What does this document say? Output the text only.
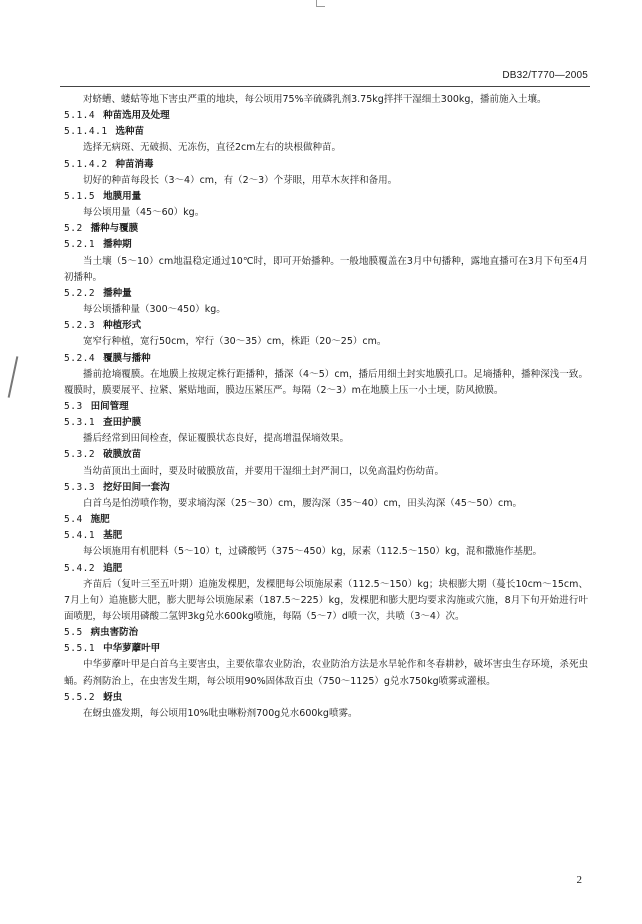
DB32/T770—2005

对蛴螬、蝼蛄等地下害虫严重的地块，每公顷用75%辛硫磷乳剂3.75kg拌拌干湿细土300kg，播前施入土壤。

5.1.4 种苗选用及处理
5.1.4.1 选种苗

选择无病斑、无破损、无冻伤，直径2cm左右的块根做种苗。

5.1.4.2 种苗消毒

切好的种苗每段长（3～4）cm，有（2～3）个芽眼，用草木灰拌和备用。

5.1.5 地膜用量

每公顷用量（45～60）kg。

5.2 播种与覆膜
5.2.1 播种期

当土壤（5～10）cm地温稳定通过10℃时，即可开始播种。一般地膜覆盖在3月中旬播种，露地直播可在3月下旬至4月初播种。

5.2.2 播种量

每公顷播种量（300～450）kg。

5.2.3 种植形式

宽窄行种植，宽行50cm，窄行（30～35）cm，株距（20～25）cm。

5.2.4 覆膜与播种

播前抢墒覆膜。在地膜上按规定株行距播种，播深（4～5）cm，播后用细土封实地膜孔口。足墒播种，播种深浅一致。覆膜时，膜要展平、拉紧、紧贴地面，膜边压紧压严。每隔（2～3）m在地膜上压一小土埂，防风掀膜。

5.3 田间管理
5.3.1 查田护膜

播后经常到田间检查，保证覆膜状态良好，提高增温保墒效果。

5.3.2 破膜放苗

当幼苗顶出土面时，要及时破膜放苗，并要用干湿细土封严洞口，以免高温灼伤幼苗。

5.3.3 挖好田间一套沟

白首乌是怕涝喷作物，要求墒沟深（25～30）cm，腰沟深（35～40）cm，田头沟深（45～50）cm。

5.4 施肥
5.4.1 基肥

每公顷施用有机肥料（5～10）t，过磷酸钙（375～450）kg，尿素（112.5～150）kg，混和撒施作基肥。

5.4.2 追肥

齐苗后（复叶三至五叶期）追施发棵肥，发棵肥每公顷施尿素（112.5～150）kg；块根膨大期（蔓长10cm～15cm、7月上旬）追施膨大肥，膨大肥每公顷施尿素（187.5～225）kg，发棵肥和膨大肥均要求沟施或穴施，8月下旬开始进行叶面喷肥，每公顷用磷酸二氢钾3kg兑水600kg喷施，每隔（5～7）d喷一次，共喷（3～4）次。

5.5 病虫害防治
5.5.1 中华萝藦叶甲

中华萝藦叶甲是白首乌主要害虫，主要依靠农业防治，农业防治方法是水旱轮作和冬春耕耖，破坏害虫生存环境，杀死虫蛹。药剂防治上，在虫害发生期，每公顷用90%固体敌百虫（750～1125）g兑水750kg喷雾或灌根。

5.5.2 蚜虫

在蚜虫盛发期，每公顷用10%吡虫啉粉剂700g兑水600kg喷雾。

2
